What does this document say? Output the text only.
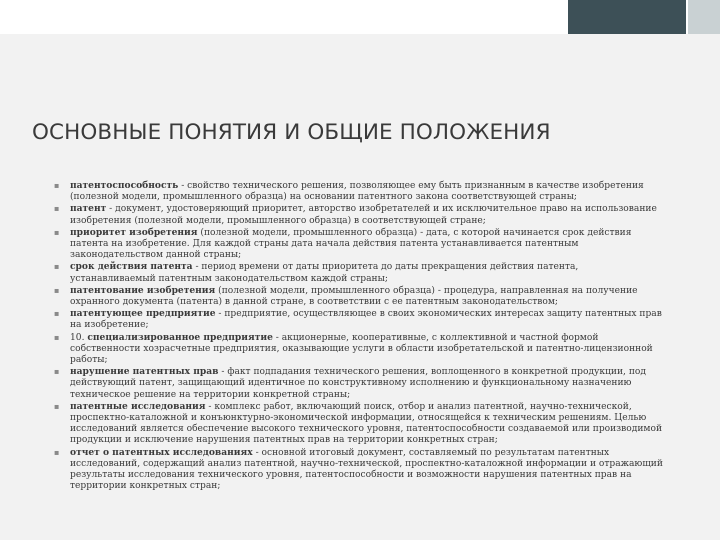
ОСНОВНЫЕ ПОНЯТИЯ И ОБЩИЕ ПОЛОЖЕНИЯ
▪ патентоспособность - свойство технического решения, позволяющее ему быть признанным в качестве изобретения (полезной модели, промышленного образца) на основании патентного закона соответствующей страны;
▪ патент - документ, удостоверяющий приоритет, авторство изобретателей и их исключительное право на использование изобретения (полезной модели, промышленного образца) в соответствующей стране;
▪ приоритет изобретения (полезной модели, промышленного образца) - дата, с которой начинается срок действия патента на изобретение. Для каждой страны дата начала действия патента устанавливается патентным законодательством данной страны;
▪ срок действия патента - период времени от даты приоритета до даты прекращения действия патента, устанавливаемый патентным законодательством каждой страны;
▪ патентование изобретения (полезной модели, промышленного образца) - процедура, направленная на получение охранного документа (патента) в данной стране, в соответствии с ее патентным законодательством;
▪ патентующее предприятие - предприятие, осуществляющее в своих экономических интересах защиту патентных прав на изобретение;
▪ 10. специализированное предприятие - акционерные, кооперативные, с коллективной и частной формой собственности хозрасчетные предприятия, оказывающие услуги в области изобретательской и патентно-лицензионной работы;
▪ нарушение патентных прав - факт подпадания технического решения, воплощенного в конкретной продукции, под действующий патент, защищающий идентичное по конструктивному исполнению и функциональному назначению техническое решение на территории конкретной страны;
▪ патентные исследования - комплекс работ, включающий поиск, отбор и анализ патентной, научно-технической, проспектно-каталожной и конъюнктурно-экономической информации, относящейся к техническим решениям. Целью исследований является обеспечение высокого технического уровня, патентоспособности создаваемой или производимой продукции и исключение нарушения патентных прав на территории конкретных стран;
▪ отчет о патентных исследованиях - основной итоговый документ, составляемый по результатам патентных исследований, содержащий анализ патентной, научно-технической, проспектно-каталожной информации и отражающий результаты исследования технического уровня, патентоспособности и возможности нарушения патентных прав на территории конкретных стран;
